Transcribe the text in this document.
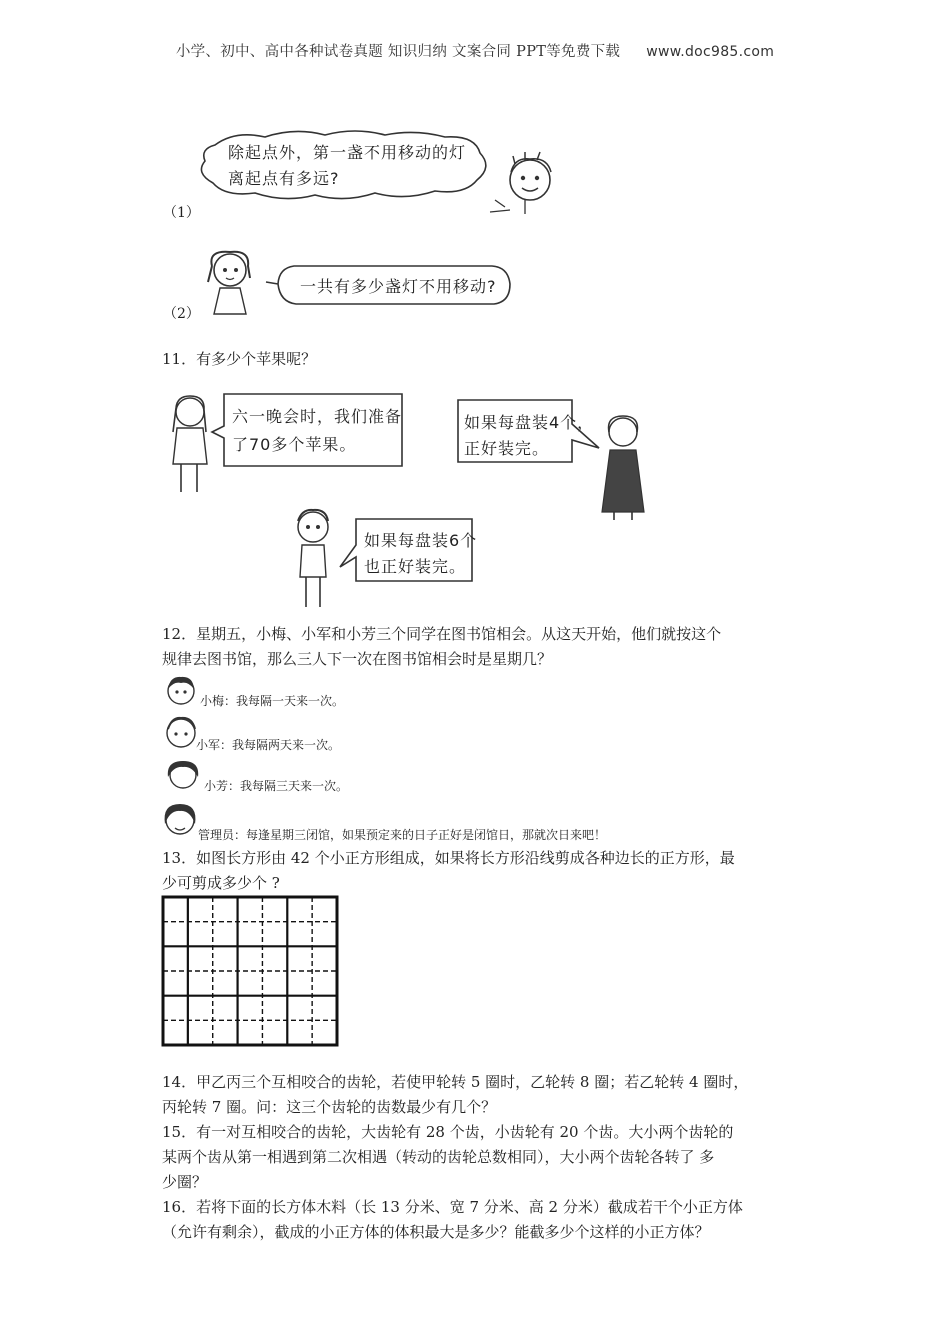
小学、初中、高中各种试卷真题 知识归纳 文案合同 PPT等免费下载 www.doc985.com
（1）
除起点外，第一盏不用移动的灯
离起点有多远?
（2）
一共有多少盏灯不用移动?
11．有多少个苹果呢？
六一晚会时，我们准备
了70多个苹果。
如果每盘装4个，
正好装完。
如果每盘装6个
也正好装完。
12．星期五，小梅、小军和小芳三个同学在图书馆相会。从这天开始，他们就按这个
规律去图书馆，那么三人下一次在图书馆相会时是星期几？
小梅：我每隔一天来一次。
小军：我每隔两天来一次。
小芳：我每隔三天来一次。
管理员：每逢星期三闭馆，如果预定来的日子正好是闭馆日，那就次日来吧！
13．如图长方形由 42 个小正方形组成，如果将长方形沿线剪成各种边长的正方形，最
少可剪成多少个 ?
14．甲乙丙三个互相咬合的齿轮，若使甲轮转 5 圈时，乙轮转 8 圈；若乙轮转 4 圈时，
丙轮转 7 圈。问：这三个齿轮的齿数最少有几个？
15．有一对互相咬合的齿轮，大齿轮有 28 个齿，小齿轮有 20 个齿。大小两个齿轮的
某两个齿从第一相遇到第二次相遇（转动的齿轮总数相同），大小两个齿轮各转了 多
少圈？
16．若将下面的长方体木料（长 13 分米、宽 7 分米、高 2 分米）截成若干个小正方体
（允许有剩余），截成的小正方体的体积最大是多少？能截多少个这样的小正方体？
